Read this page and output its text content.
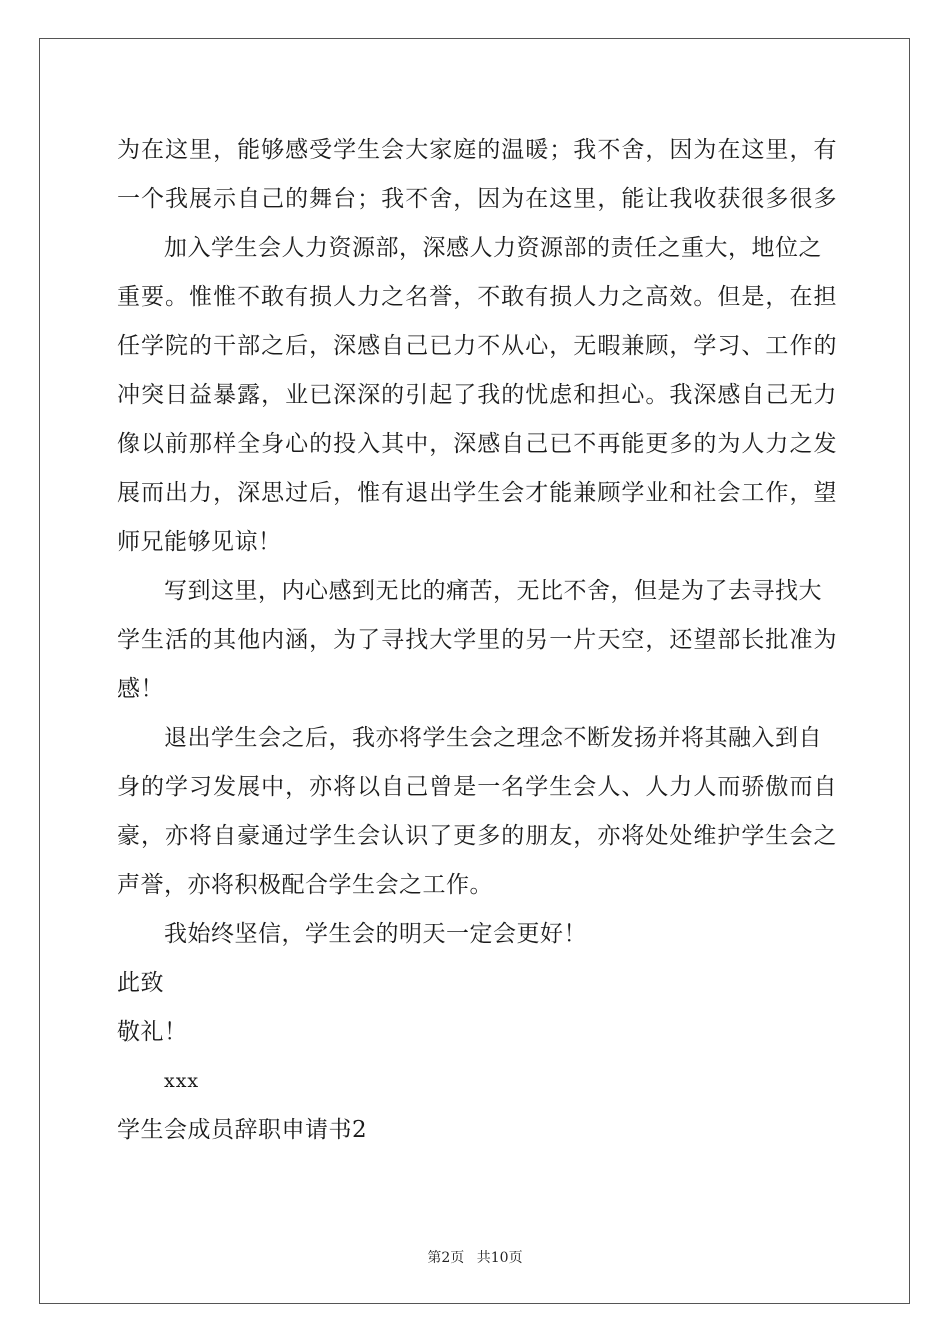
为 在 这 里 ， 能 够 感 受 学 生 会 大 家 庭 的 温 暖 ； 我 不 舍 ， 因 为 在 这 里 ， 有
一 个 我 展 示 自 己 的 舞 台 ； 我 不 舍 ， 因 为 在 这 里 ， 能 让 我 收 获 很 多 很 多
加入学生会人力资源部，深感人力资源部的责任之重大，地位之
重 要 。 惟 惟 不 敢 有 损 人 力 之 名 誉 ， 不 敢 有 损 人 力 之 高 效 。 但 是 ， 在 担
任 学 院 的 干 部 之 后 ， 深 感 自 己 已 力 不 从 心 ， 无 暇 兼 顾 ， 学 习 、 工 作 的
冲 突 日 益 暴 露 ， 业 已 深 深 的 引 起 了 我 的 忧 虑 和 担 心 。 我 深 感 自 己 无 力
像 以 前 那 样 全 身 心 的 投 入 其 中 ， 深 感 自 己 已 不 再 能 更 多 的 为 人 力 之 发
展 而 出 力 ， 深 思 过 后 ， 惟 有 退 出 学 生 会 才 能 兼 顾 学 业 和 社 会 工 作 ， 望
师兄能够见谅！
写到这里，内心感到无比的痛苦，无比不舍，但是为了去寻找大
学 生 活 的 其 他 内 涵 ， 为 了 寻 找 大 学 里 的 另 一 片 天 空 ， 还 望 部 长 批 准 为
感！
退出学生会之后，我亦将学生会之理念不断发扬并将其融入到自
身 的 学 习 发 展 中 ， 亦 将 以 自 己 曾 是 一 名 学 生 会 人 、 人 力 人 而 骄 傲 而 自
豪 ， 亦 将 自 豪 通 过 学 生 会 认 识 了 更 多 的 朋 友 ， 亦 将 处 处 维 护 学 生 会 之
声誉，亦将积极配合学生会之工作。
我始终坚信，学生会的明天一定会更好！
此致
敬礼！
xxx
学生会成员辞职申请书2
第2页 共10页
